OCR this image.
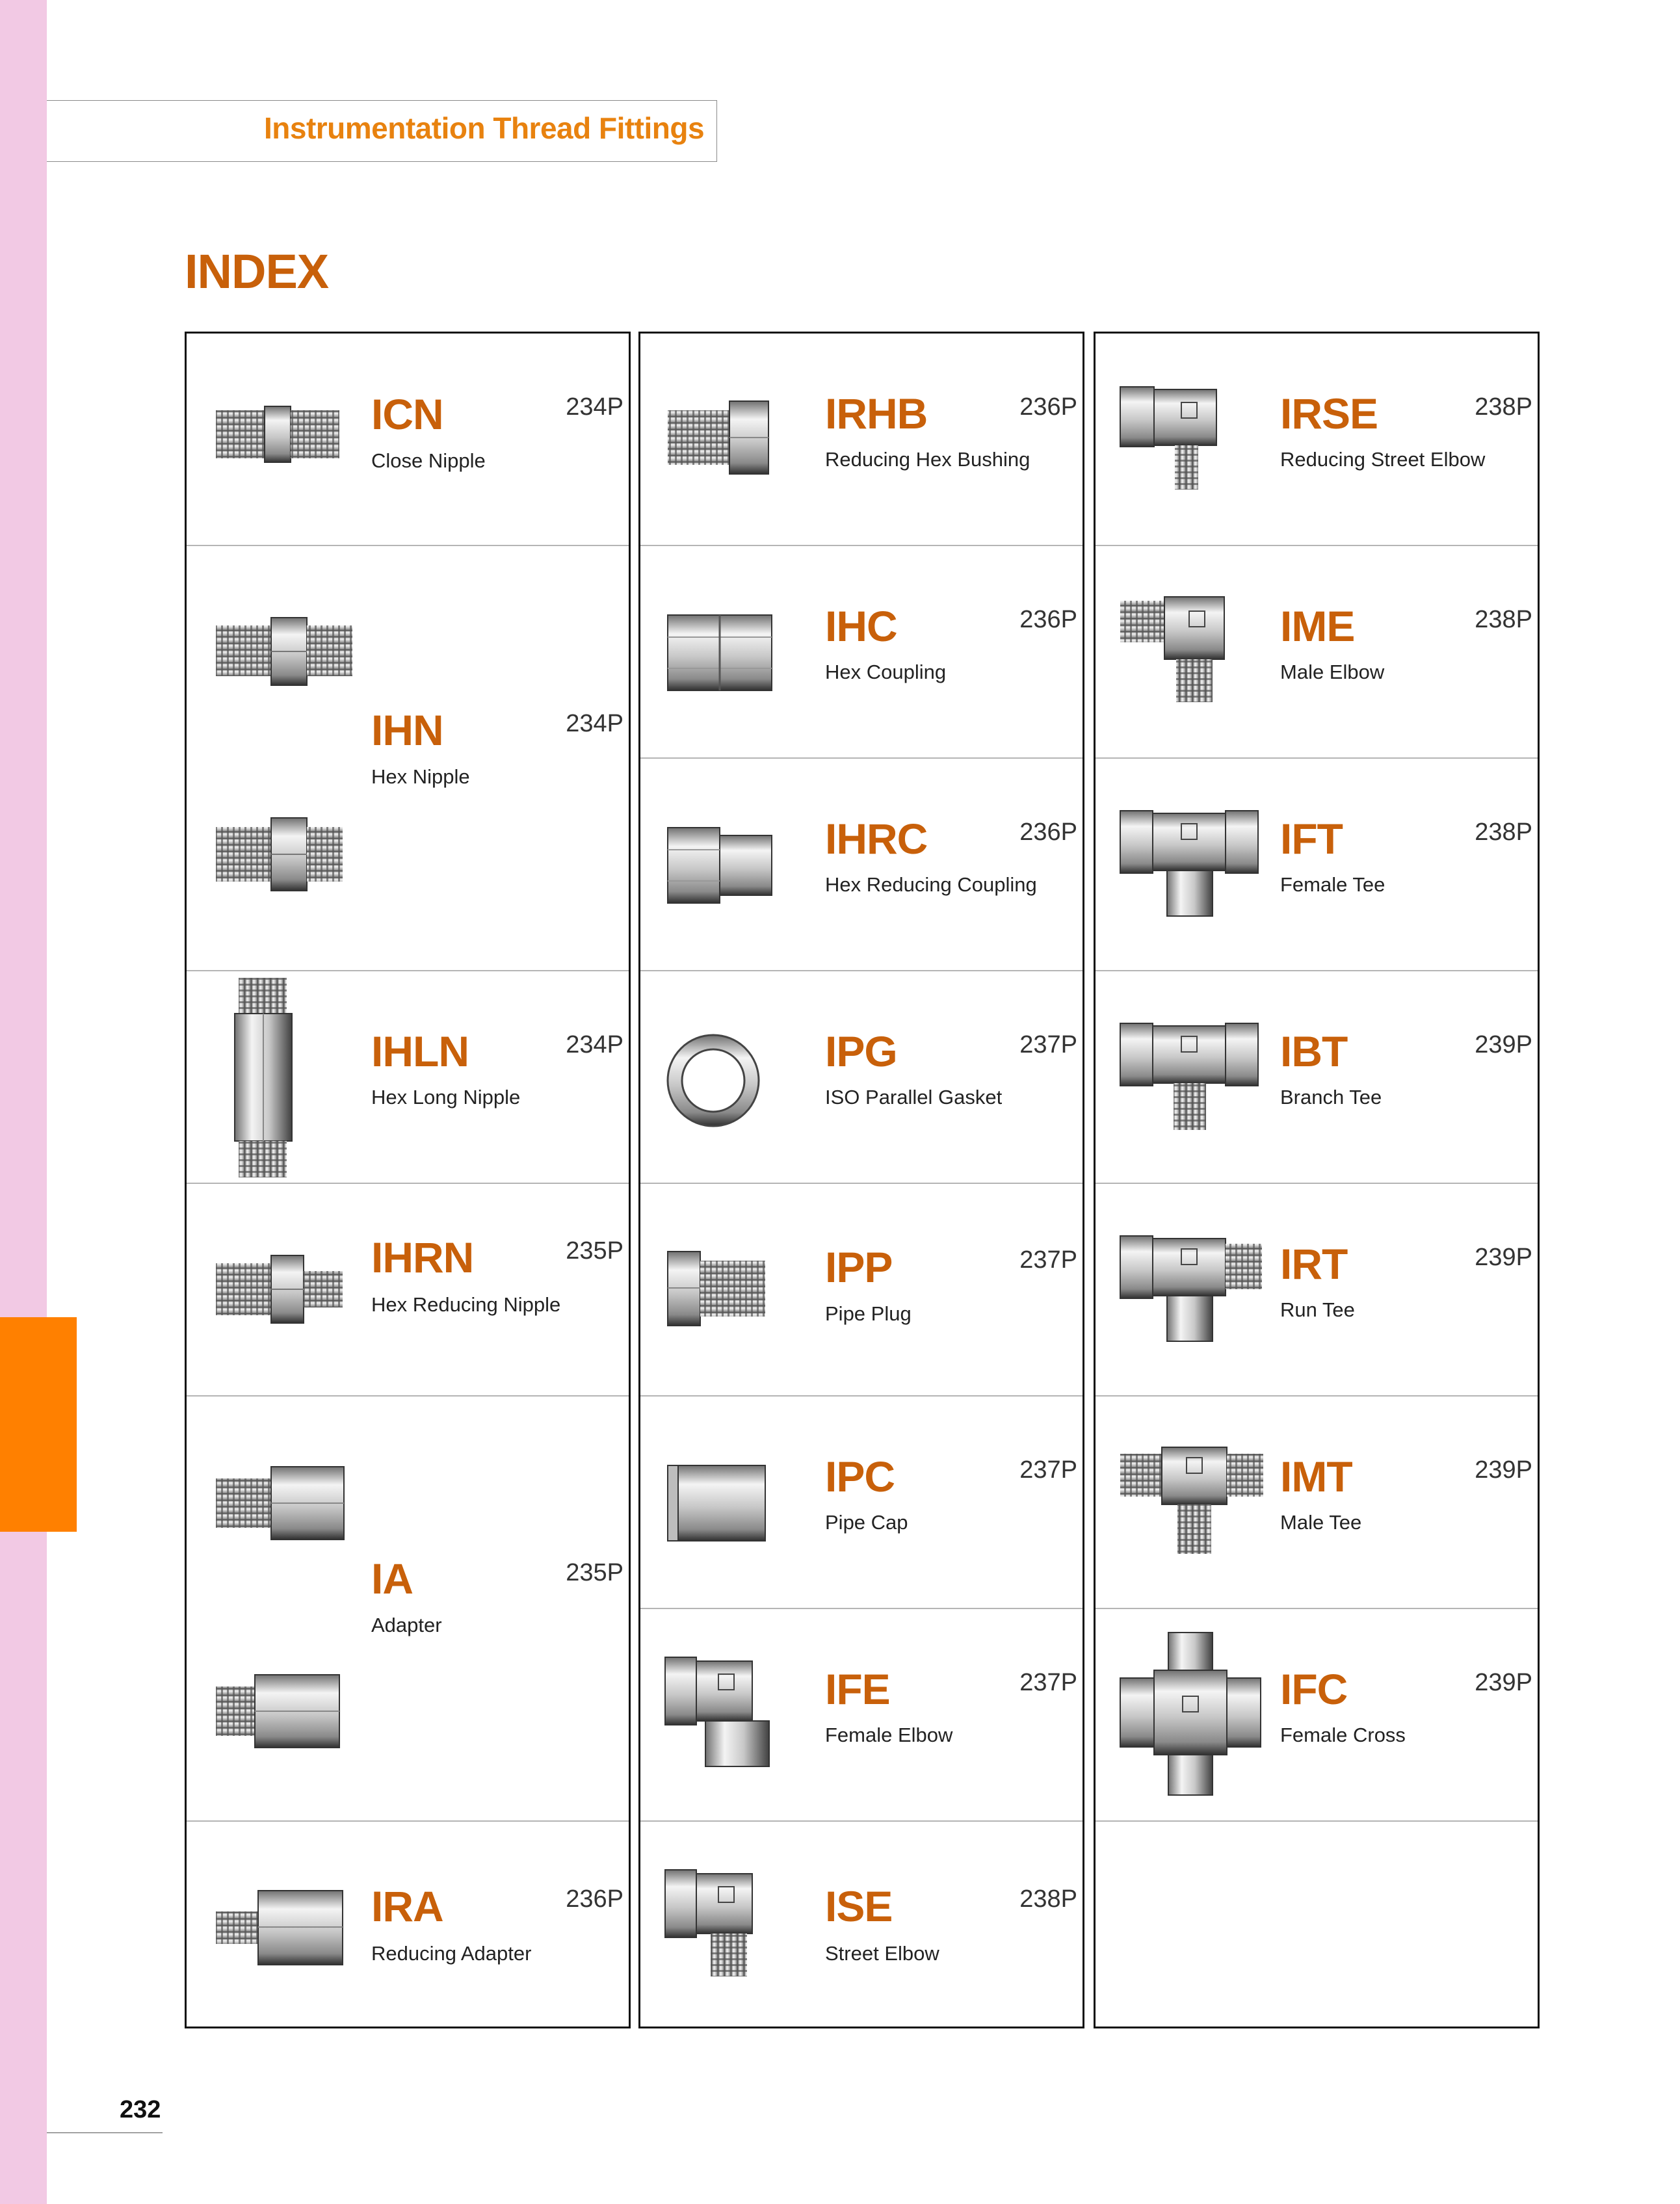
Instrumentation Thread Fittings
INDEX
ICN
Close Nipple
234P
IHN
Hex Nipple
234P
IHLN
Hex Long Nipple
234P
IHRN
Hex Reducing Nipple
235P
IA
Adapter
235P
IRA
Reducing Adapter
236P
IRHB
Reducing Hex Bushing
236P
IHC
Hex Coupling
236P
IHRC
Hex Reducing Coupling
236P
IPG
ISO Parallel Gasket
237P
IPP
Pipe Plug
237P
IPC
Pipe Cap
237P
IFE
Female Elbow
237P
ISE
Street Elbow
238P
IRSE
Reducing Street Elbow
238P
IME
Male Elbow
238P
IFT
Female Tee
238P
IBT
Branch Tee
239P
IRT
Run Tee
239P
IMT
Male Tee
239P
IFC
Female Cross
239P
232
